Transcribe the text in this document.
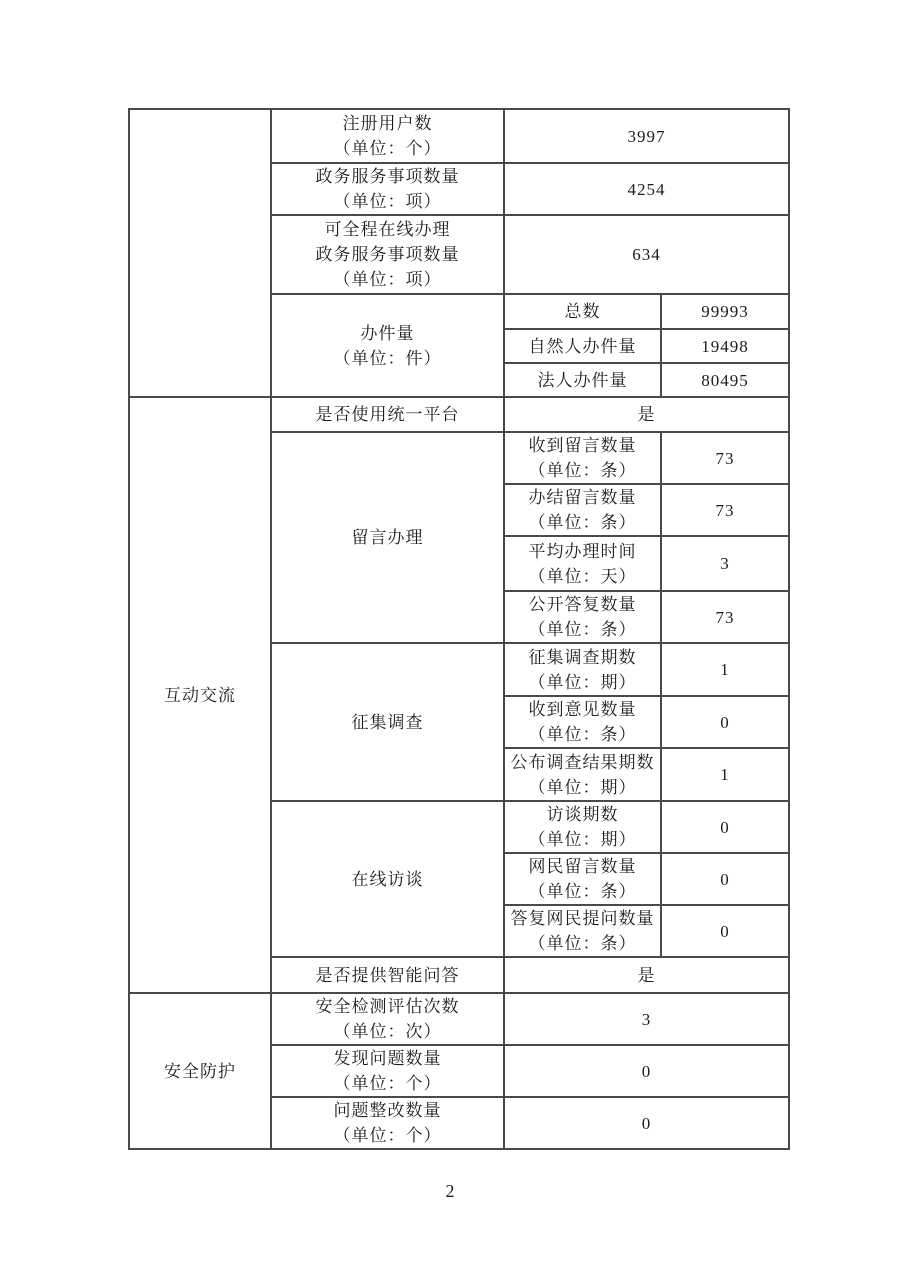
	注册用户数
（单位：个）	3997	

	政务服务事项数量
（单位：项）	4254	

	可全程在线办理
政务服务事项数量
（单位：项）	634	

	办件量
（单位：件）	总数	99993
		自然人办件量	19498
		法人办件量	80495
互动交流	是否使用统一平台	是	
	留言办理	收到留言数量
（单位：条）	73

		办结留言数量
（单位：条）	73

		平均办理时间
（单位：天）	3

		公开答复数量
（单位：条）	73
	征集调查	征集调查期数
（单位：期）	1

		收到意见数量
（单位：条）	0

		公布调查结果期数
（单位：期）	1
	在线访谈	访谈期数
（单位：期）	0

		网民留言数量
（单位：条）	0

		答复网民提问数量
（单位：条）	0
	是否提供智能问答	是	
安全防护	安全检测评估次数
（单位：次）	3	

	发现问题数量
（单位：个）	0	

	问题整改数量
（单位：个）	0	
2
